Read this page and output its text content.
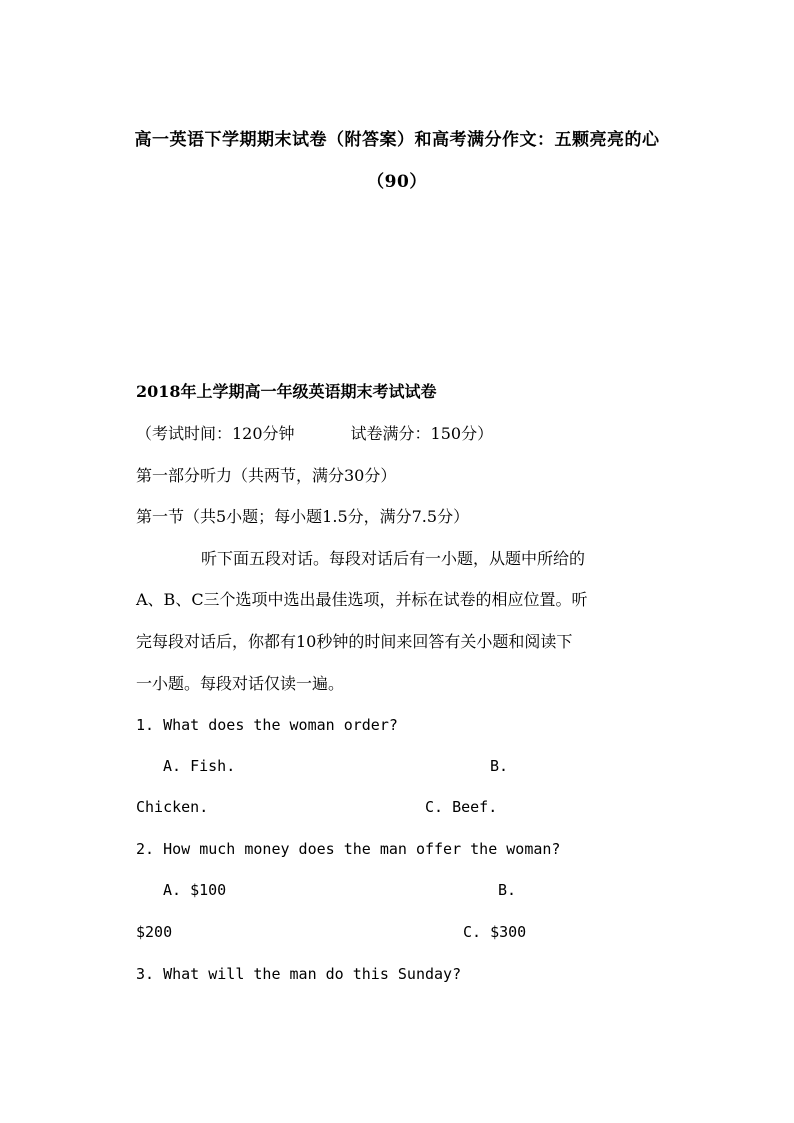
高一英语下学期期末试卷（附答案）和高考满分作文：五颗亮亮的心
（90）
2018年上学期高一年级英语期末考试试卷
（考试时间：120分钟	试卷满分：150分）
第一部分听力（共两节，满分30分）
第一节（共5小题；每小题1.5分，满分7.5分）
听下面五段对话。每段对话后有一小题，从题中所给的
A、B、C三个选项中选出最佳选项，并标在试卷的相应位置。听
完每段对话后，你都有10秒钟的时间来回答有关小题和阅读下
一小题。每段对话仅读一遍。
1. What does the woman order?
A. Fish.	B.
Chicken.	C. Beef.
2. How much money does the man offer the woman?
A. $100	B.
$200	C. $300
3. What will the man do this Sunday?
